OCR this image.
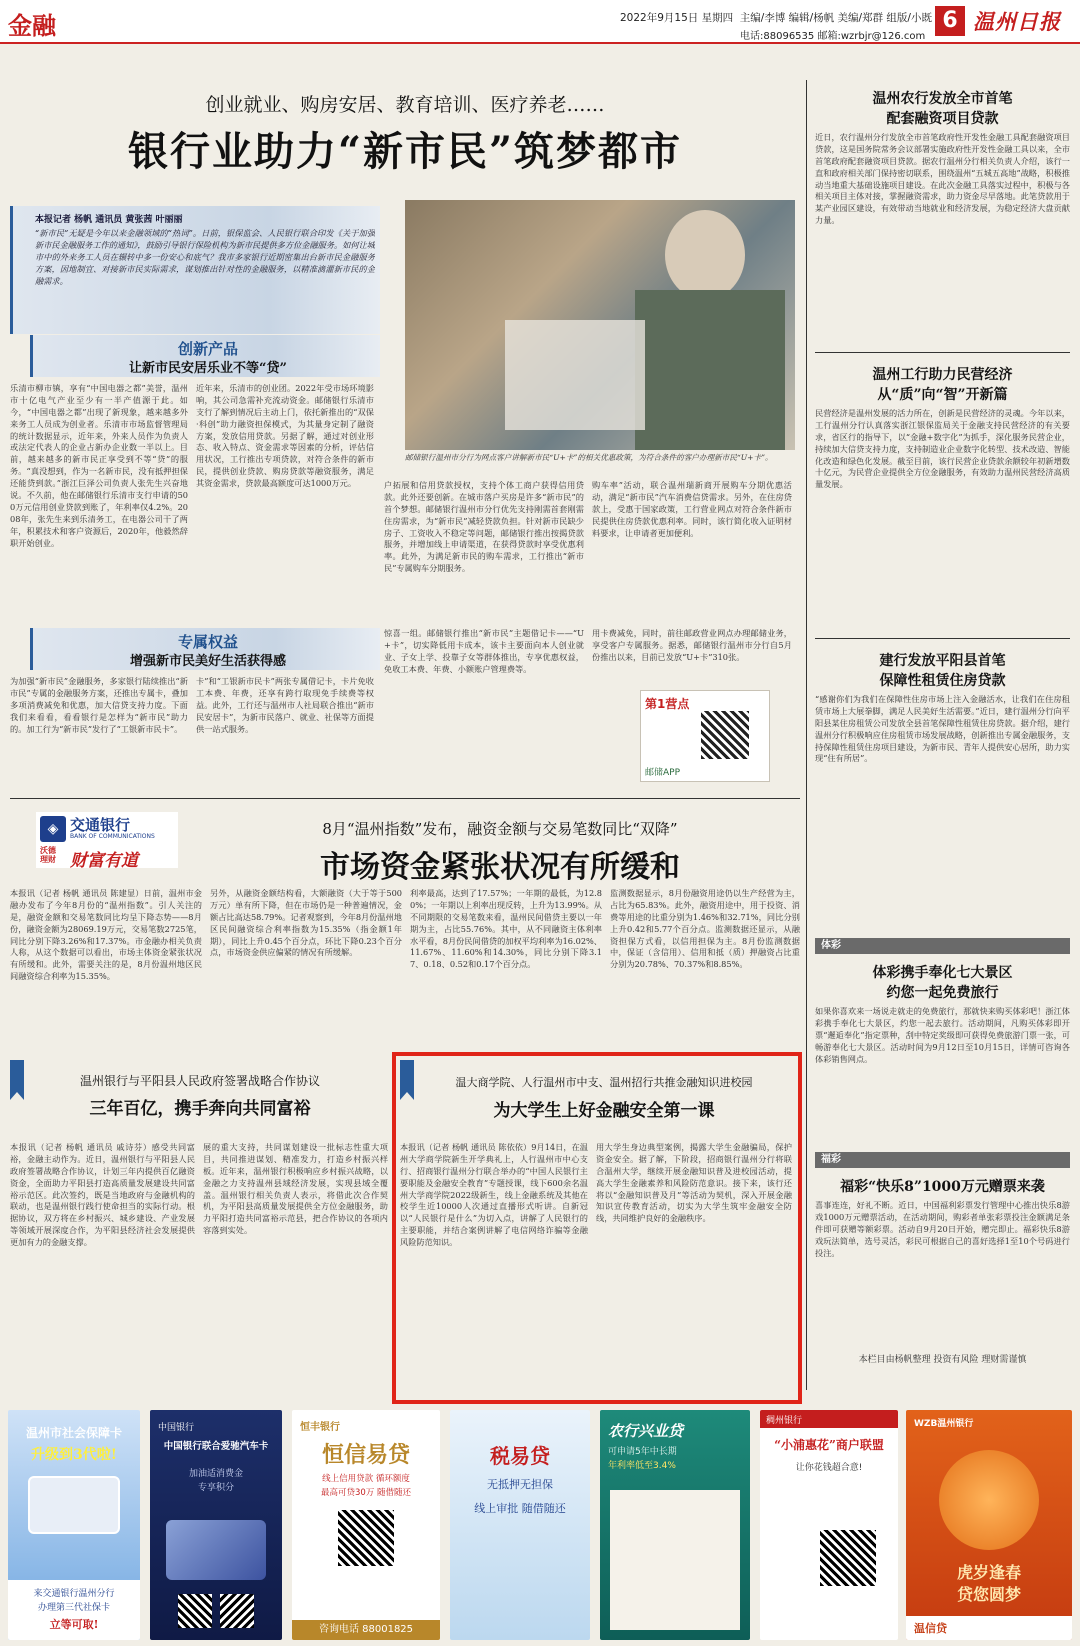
金融	2022年9月15日 星期四 主编/李博 编辑/杨帆 美编/郑群 组版/小既
电话:88096535 邮箱:wzrbjr@126.com
6 温州日报
创业就业、购房安居、教育培训、医疗养老……
银行业助力“新市民”筑梦都市
本报记者 杨帆 通讯员 黄张茜 叶丽丽
“新市民”无疑是今年以来金融领域的“热词”。日前，银保监会、人民银行联合印发《关于加强新市民金融服务工作的通知》，鼓励引导银行保险机构为新市民提供多方位金融服务。如何让城市中的外来务工人员在辗转中多一份安心和底气？我市多家银行近期密集出台新市民金融服务方案，因地制宜、对接新市民实际需求，谋划推出针对性的金融服务，以精准滴灌新市民的金融需求。
邮储银行温州市分行为网点客户讲解新市民“U+卡”的相关优惠政策，为符合条件的客户办理新市民“U+卡”。
创新产品
让新市民安居乐业不等“贷”
乐清市柳市镇，享有“中国电器之都”美誉，温州市十亿电气产业至少有一半产值源于此。如今，“中国电器之都”出现了新现象，越来越多外来务工人员成为创业者。乐清市市场监督管理局的统计数据显示，近年来，外来人员作为负责人或法定代表人的企业占新办企业数一半以上。目前，越来越多的新市民正享受到不等“贷”的服务。“真没想到，作为一名新市民，没有抵押担保还能贷到款。”浙江巨泽公司负责人张先生兴奋地说。不久前，他在邮储银行乐清市支行申请的500万元信用创业贷款到账了，年利率仅4.2%。2008年，张先生来到乐清务工，在电器公司干了两年，积累技术和客户资源后，2020年，他毅然辞职开始创业。
近年来，乐清市的创业团。2022年受市场环境影响，其公司急需补充流动资金。邮储银行乐清市支行了解到情况后主动上门，依托新推出的“双保·科创”助力融资担保模式，为其量身定制了融资方案，发放信用贷款。另据了解，通过对创业形态、收入特点、资金需求等因素的分析，评估信用状况，工行推出专项贷款，对符合条件的新市民，提供创业贷款、购房贷款等融资服务，满足其资金需求，贷款最高额度可达1000万元。	户拓展和信用贷款授权，支持个体工商户获得信用贷款。此外还要创新。在城市落户买房是许多“新市民”的首个梦想。邮储银行温州市分行优先支持刚需首套刚需住房需求，为“新市民”减轻贷款负担。针对新市民缺少房子、工资收入不稳定等问题，邮储银行推出按揭贷款服务，并增加线上申请渠道，在获得贷款时享受优惠利率。此外，为满足新市民的购车需求，工行推出“新市民”专属购车分期服务。
购车率”活动，联合温州瑞新商开展购车分期优惠活动，满足“新市民”汽车消费信贷需求。另外，在住房贷款上，受惠于国家政策，工行营业网点对符合条件新市民提供住房贷款优惠利率。同时，该行简化收入证明材料要求，让申请者更加便利。
专属权益
增强新市民美好生活获得感
为加强“新市民”金融服务，多家银行陆续推出“新市民”专属的金融服务方案，还推出专属卡，叠加多项消费减免和优惠，加大信贷支持力度。下面我们来看看，看看银行是怎样为“新市民”助力的。加工行为“新市民”发行了“工银新市民卡”。
卡”和“工银新市民卡”两张专属借记卡，卡片免收工本费、年费，还享有跨行取现免手续费等权益。此外，工行还与温州市人社局联合推出“新市民安居卡”，为新市民落户、就业、社保等方面提供一站式服务。
惊喜一组。邮储银行推出“新市民”主题借记卡——“U+卡”，切实降低用卡成本，该卡主要面向本人创业就业、子女上学、投靠子女等群体推出，专享优惠权益，免收工本费、年费、小额账户管理费等。
用卡费减免，同时，前往邮政营业网点办理邮储业务，享受客户专属服务。据悉，邮储银行温州市分行自5月份推出以来，目前已发放“U+卡”310张。
第1营点
邮储APP
温州农行发放全市首笔
配套融资项目贷款
近日，农行温州分行发放全市首笔政府性开发性金融工具配套融资项目贷款，这是国务院常务会议部署实施政府性开发性金融工具以来，全市首笔政府配套融资项目贷款。据农行温州分行相关负责人介绍，该行一直和政府相关部门保持密切联系，围绕温州“五城五高地”战略，积极推动当地重大基础设施项目建设。在此次金融工具落实过程中，积极与各相关项目主体对接，掌握融资需求，助力资金尽早落地。此笔贷款用于某产业园区建设，有效带动当地就业和经济发展，为稳定经济大盘贡献力量。
温州工行助力民营经济
从“质”向“智”开新篇
民营经济是温州发展的活力所在，创新是民营经济的灵魂。今年以来，工行温州分行认真落实浙江银保监局关于金融支持民营经济的有关要求，省区行的指导下，以“金融+数字化”为抓手，深化服务民营企业，持续加大信贷支持力度，支持制造业企业数字化转型、技术改造、智能化改造和绿色化发展。截至目前，该行民营企业贷款余额较年初新增数十亿元，为民营企业提供全方位金融服务，有效助力温州民营经济高质量发展。
建行发放平阳县首笔
保障性租赁住房贷款
“感谢你们为我们在保障性住房市场上注入金融活水，让我们在住房租赁市场上大展拳脚，满足人民美好生活需要。”近日，建行温州分行向平阳县某住房租赁公司发放全县首笔保障性租赁住房贷款。据介绍，建行温州分行积极响应住房租赁市场发展战略，创新推出专属金融服务，支持保障性租赁住房项目建设，为新市民、青年人提供安心居所，助力实现“住有所居”。
体彩
体彩携手奉化七大景区
约您一起免费旅行
如果你喜欢来一场说走就走的免费旅行，那就快来购买体彩吧！浙江体彩携手奉化七大景区，约您一起去旅行。活动期间，凡购买体彩即开票“邂逅奉化”指定票种，刮中特定奖级即可获得免费旅游门票一张，可畅游奉化七大景区。活动时间为9月12日至10月15日，详情可咨询各体彩销售网点。
福彩
福彩“快乐8”1000万元赠票来袭
喜事连连，好礼不断。近日，中国福利彩票发行管理中心推出快乐8游戏1000万元赠票活动，在活动期间，购彩者单张彩票投注金额满足条件即可获赠等额彩票。活动自9月20日开始，赠完即止。福彩快乐8游戏玩法简单，选号灵活，彩民可根据自己的喜好选择1至10个号码进行投注。
本栏目由杨帆整理 投资有风险 理财需谨慎
◈ 交通银行
BANK OF COMMUNICATIONS
沃德
理财 财富有道
8月“温州指数”发布，融资金额与交易笔数同比“双降”
市场资金紧张状况有所缓和
本报讯（记者 杨帆 通讯员 陈建显）日前，温州市金融办发布了今年8月份的“温州指数”。引人关注的是，融资金额和交易笔数同比均呈下降态势——8月份，融资金额为28069.19万元，交易笔数2725笔，同比分别下降3.26%和17.37%。市金融办相关负责人称，从这个数据可以看出，市场主体资金紧张状况有所缓和。此外，需要关注的是，8月份温州地区民间融资综合利率为15.35%。
另外，从融资金额结构看，大额融资（大于等于500万元）单有所下降，但在市场仍是一种普遍情况，金额占比高达58.79%。记者观察到，今年8月份温州地区民间融资综合利率指数为15.35%（指金额1年期），同比上升0.45个百分点，环比下降0.23个百分点，市场资金供应偏紧的情况有所缓解。
利率最高，达到了17.57%；一年期的最低，为12.80%；一年期以上利率出现反转，上升为13.99%。从不同期限的交易笔数来看，温州民间借贷主要以一年期为主，占比55.76%。其中，从不同融资主体利率水平看，8月份民间借贷的加权平均利率为16.02%、11.67%、11.60%和14.30%，同比分别下降3.17、0.18、0.52和0.17个百分点。
监测数据显示，8月份融资用途仍以生产经营为主，占比为65.83%。此外，融资用途中，用于投资、消费等用途的比重分别为1.46%和32.71%，同比分别上升0.42和5.77个百分点。监测数据还显示，从融资担保方式看，以信用担保为主。8月份监测数据中，保证（含信用）、信用和抵（质）押融资占比重分别为20.78%、70.37%和8.85%。
温州银行与平阳县人民政府签署战略合作协议
三年百亿，携手奔向共同富裕
本报讯（记者 杨帆 通讯员 戚诗芬）感受共同富裕，金融主动作为。近日，温州银行与平阳县人民政府签署战略合作协议，计划三年内提供百亿融资资金，全面助力平阳县打造高质量发展建设共同富裕示范区。此次签约，既是当地政府与金融机构的联动，也是温州银行践行使命担当的实际行动。根据协议，双方将在乡村振兴、城乡建设、产业发展等领域开展深度合作，为平阳县经济社会发展提供更加有力的金融支撑。
展的重大支持，共同谋划建设一批标志性重大项目，共同推进谋划、精准发力，打造乡村振兴样板。近年来，温州银行积极响应乡村振兴战略，以金融之力支持温州县域经济发展，实现县域全覆盖。温州银行相关负责人表示，将借此次合作契机，为平阳县高质量发展提供全方位金融服务，助力平阳打造共同富裕示范县，把合作协议的各项内容落到实处。
温大商学院、人行温州市中支、温州招行共推金融知识进校园
为大学生上好金融安全第一课
本报讯（记者 杨帆 通讯员 陈依依）9月14日，在温州大学商学院新生开学典礼上，人行温州市中心支行、招商银行温州分行联合举办的“中国人民银行主要职能及金融安全教育”专题授课，线下600余名温州大学商学院2022级新生，线上金融系统及其他在校学生近10000人次通过直播形式听讲。自新冠以“人民银行是什么”为切入点，讲解了人民银行的主要职能，并结合案例讲解了电信网络诈骗等金融风险防范知识。
用大学生身边典型案例，揭露大学生金融骗局，保护资金安全。据了解，下阶段，招商银行温州分行将联合温州大学，继续开展金融知识普及进校园活动，提高大学生金融素养和风险防范意识。接下来，该行还将以“金融知识普及月”等活动为契机，深入开展金融知识宣传教育活动，切实为大学生筑牢金融安全防线，共同维护良好的金融秩序。
温州市社会保障卡
升级到3代啦!
来交通银行温州分行
办理第三代社保卡
立等可取!
中国银行
中国银行联合爱驰汽车卡
加油适消费金
专享积分
恒丰银行
恒信易贷
线上信用贷款 循环额度
最高可贷30万 随借随还
咨询电话 88001825
税易贷
无抵押无担保
线上审批 随借随还
农行兴业贷
可申请5年中长期
年利率低至3.4%
稠州银行
“小浦惠花”商户联盟
让你花钱超合意!
WZB温州银行
虎岁逢春
贷您圆梦
温信贷
